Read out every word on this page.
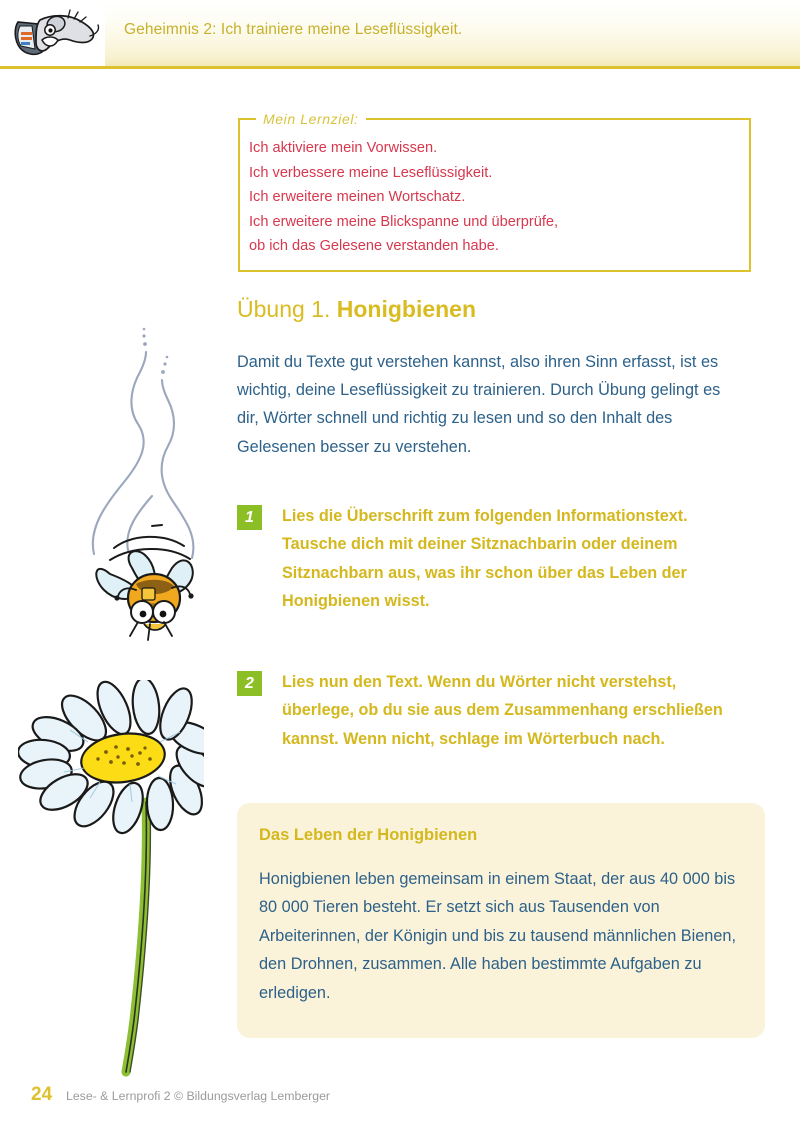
Geheimnis 2: Ich trainiere meine Leseflüssigkeit.
Mein Lernziel:
Ich aktiviere mein Vorwissen.
Ich verbessere meine Leseflüssigkeit.
Ich erweitere meinen Wortschatz.
Ich erweitere meine Blickspanne und überprüfe,
ob ich das Gelesene verstanden habe.
Übung 1. Honigbienen
Damit du Texte gut verstehen kannst, also ihren Sinn erfasst, ist es wichtig, deine Leseflüssigkeit zu trainieren. Durch Übung gelingt es dir, Wörter schnell und richtig zu lesen und so den Inhalt des Gelesenen besser zu verstehen.
1	Lies die Überschrift zum folgenden Informationstext. Tausche dich mit deiner Sitznachbarin oder deinem Sitznachbarn aus, was ihr schon über das Leben der Honigbienen wisst.
2	Lies nun den Text. Wenn du Wörter nicht verstehst, überlege, ob du sie aus dem Zusammenhang erschließen kannst. Wenn nicht, schlage im Wörterbuch nach.
Das Leben der Honigbienen
Honigbienen leben gemeinsam in einem Staat, der aus 40 000 bis 80 000 Tieren besteht. Er setzt sich aus Tausenden von Arbeiterinnen, der Königin und bis zu tausend männlichen Bienen, den Drohnen, zusammen. Alle haben bestimmte Aufgaben zu erledigen.
24 Lese- & Lernprofi 2 © Bildungsverlag Lemberger
